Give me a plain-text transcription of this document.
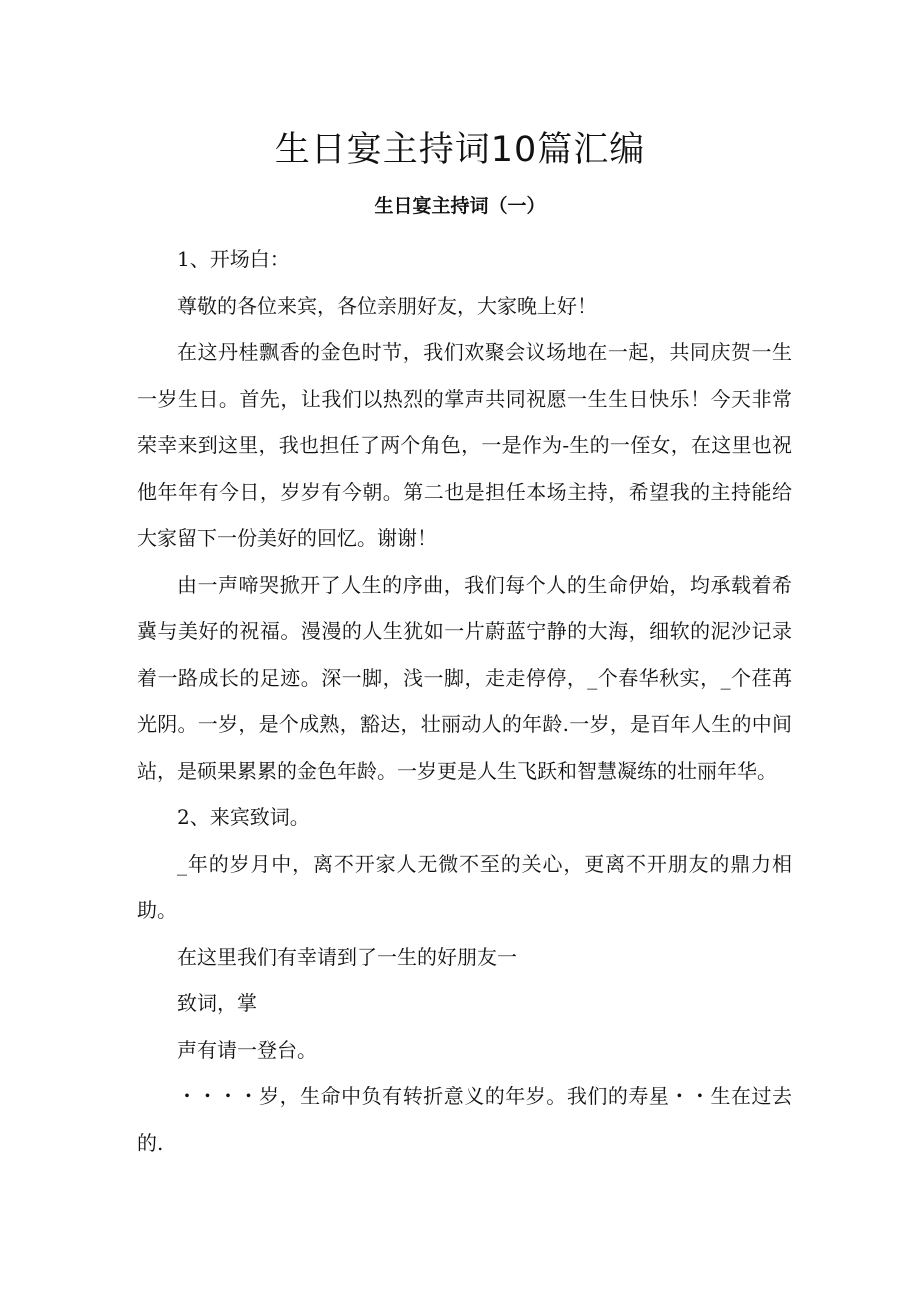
生日宴主持词10篇汇编
生日宴主持词（一）

1、开场白：

尊敬的各位来宾，各位亲朋好友，大家晚上好！

在这丹桂飘香的金色时节，我们欢聚会议场地在一起，共同庆贺一生一岁生日。首先，让我们以热烈的掌声共同祝愿一生生日快乐！今天非常荣幸来到这里，我也担任了两个角色，一是作为-生的一侄女，在这里也祝他年年有今日，岁岁有今朝。第二也是担任本场主持，希望我的主持能给大家留下一份美好的回忆。谢谢！

由一声啼哭掀开了人生的序曲，我们每个人的生命伊始，均承载着希冀与美好的祝福。漫漫的人生犹如一片蔚蓝宁静的大海，细软的泥沙记录着一路成长的足迹。深一脚，浅一脚，走走停停，_个春华秋实，_个荏苒光阴。一岁，是个成熟，豁达，壮丽动人的年龄.一岁，是百年人生的中间站，是硕果累累的金色年龄。一岁更是人生飞跃和智慧凝练的壮丽年华。

2、来宾致词。

_年的岁月中，离不开家人无微不至的关心，更离不开朋友的鼎力相助。

在这里我们有幸请到了一生的好朋友一

致词，掌

声有请一登台。

・・・・岁，生命中负有转折意义的年岁。我们的寿星・・生在过去的.
